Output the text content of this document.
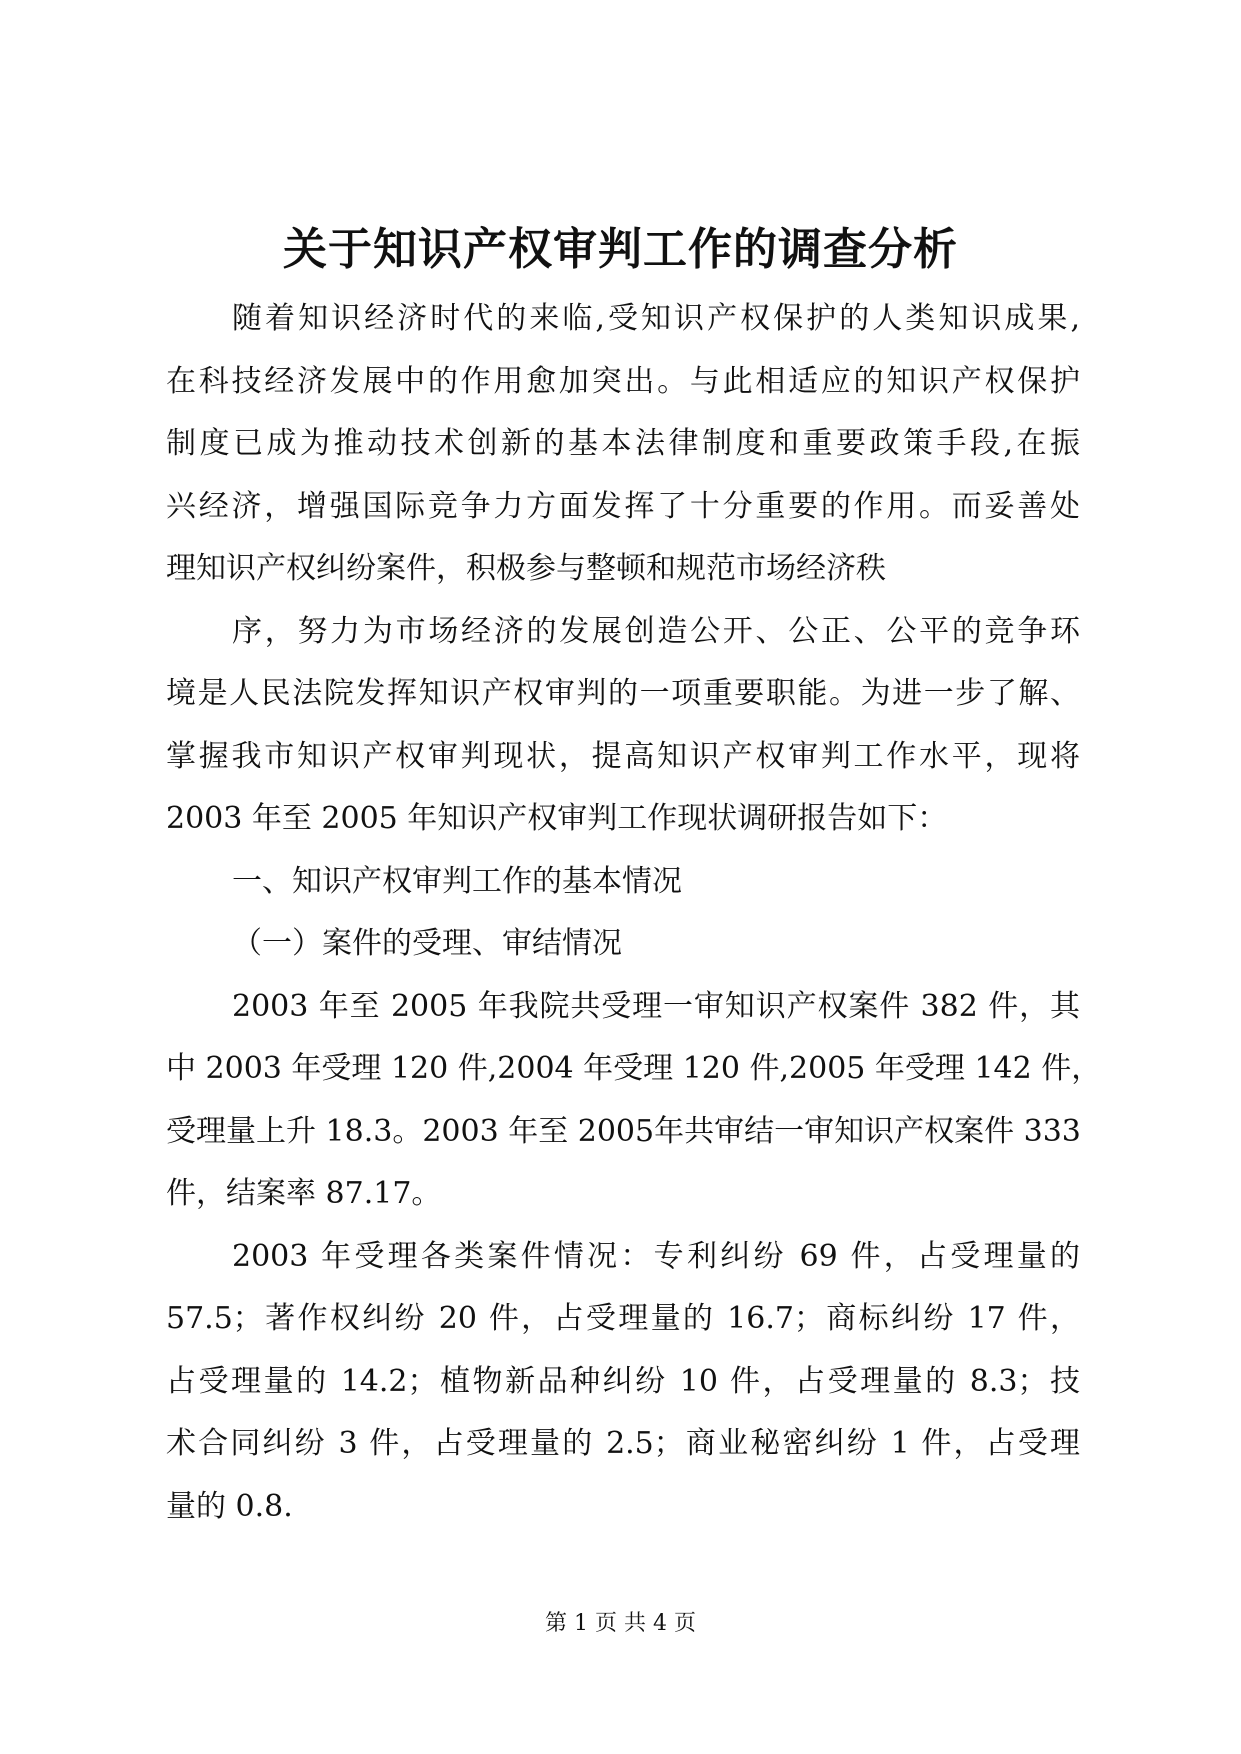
关于知识产权审判工作的调查分析
随着知识经济时代的来临,受知识产权保护的人类知识成果,
在科技经济发展中的作用愈加突出。与此相适应的知识产权保护
制度已成为推动技术创新的基本法律制度和重要政策手段,在振
兴经济，增强国际竞争力方面发挥了十分重要的作用。而妥善处
理知识产权纠纷案件，积极参与整顿和规范市场经济秩
序，努力为市场经济的发展创造公开、公正、公平的竞争环
境是人民法院发挥知识产权审判的一项重要职能。为进一步了解、
掌握我市知识产权审判现状，提高知识产权审判工作水平，现将
2003 年至 2005 年知识产权审判工作现状调研报告如下：
一、知识产权审判工作的基本情况
（一）案件的受理、审结情况
2003 年至 2005 年我院共受理一审知识产权案件 382 件，其
中 2003 年受理 120 件,2004 年受理 120 件,2005 年受理 142 件，
受理量上升 18.3。2003 年至 2005年共审结一审知识产权案件 333
件，结案率 87.17。
2003 年受理各类案件情况：专利纠纷 69 件，占受理量的
57.5；著作权纠纷 20 件，占受理量的 16.7；商标纠纷 17 件，
占受理量的 14.2；植物新品种纠纷 10 件，占受理量的 8.3；技
术合同纠纷 3 件，占受理量的 2.5；商业秘密纠纷 1 件，占受理
量的 0.8.
第 1 页 共 4 页
